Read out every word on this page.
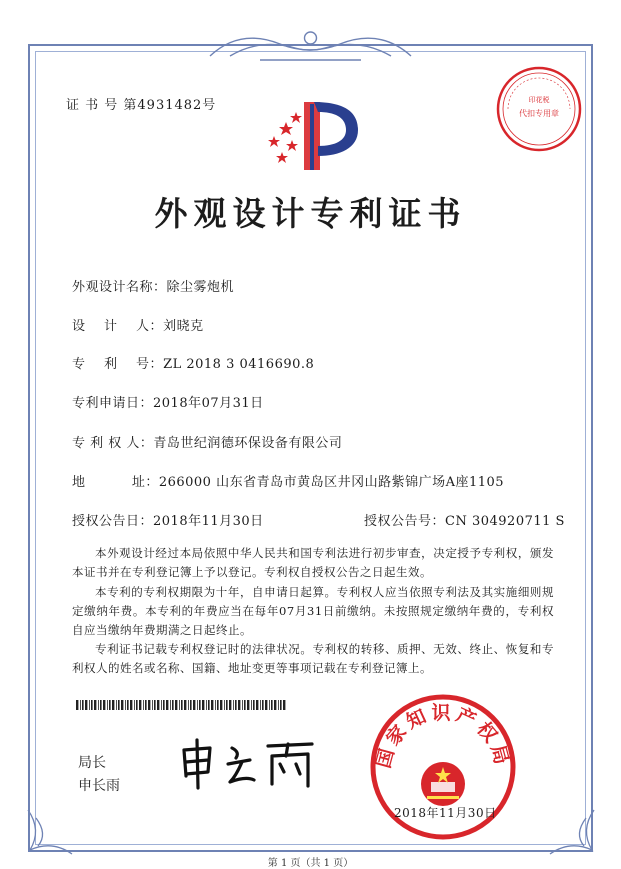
证 书 号 第4931482号	印花税
代扣专用章
外观设计专利证书
外观设计名称：除尘雾炮机
设    计    人：刘晓克
专    利    号：ZL 2018 3 0416690.8
专利申请日：2018年07月31日
专 利 权 人：青岛世纪润德环保设备有限公司
地          址：266000 山东省青岛市黄岛区井冈山路紫锦广场A座1105
授权公告日：2018年11月30日	授权公告号：CN 304920711 S
本外观设计经过本局依照中华人民共和国专利法进行初步审查，决定授予专利权，颁发本证书并在专利登记簿上予以登记。专利权自授权公告之日起生效。
本专利的专利权期限为十年，自申请日起算。专利权人应当依照专利法及其实施细则规定缴纳年费。本专利的年费应当在每年07月31日前缴纳。未按照规定缴纳年费的，专利权自应当缴纳年费期满之日起终止。
专利证书记载专利权登记时的法律状况。专利权的转移、质押、无效、终止、恢复和专利权人的姓名或名称、国籍、地址变更等事项记载在专利登记簿上。
局长
申长雨
国家知识产权局
2018年11月30日
第 1 页（共 1 页）
